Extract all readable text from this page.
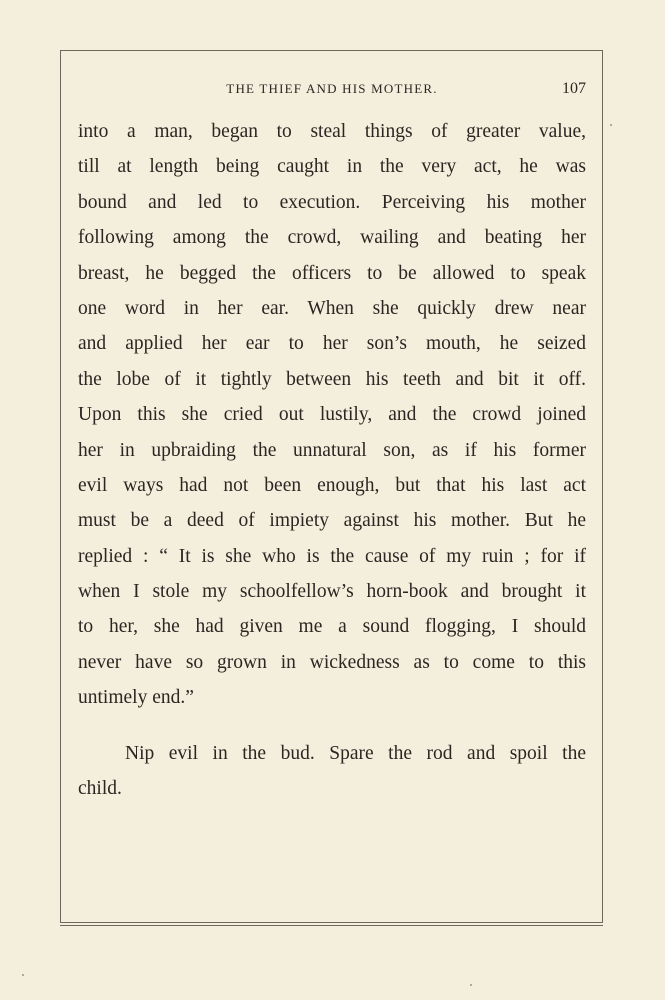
THE THIEF AND HIS MOTHER.	107
into a man, began to steal things of greater value,
till at length being caught in the very act, he was
bound and led to execution. Perceiving his mother
following among the crowd, wailing and beating her
breast, he begged the officers to be allowed to speak
one word in her ear. When she quickly drew near
and applied her ear to her son’s mouth, he seized
the lobe of it tightly between his teeth and bit it off.
Upon this she cried out lustily, and the crowd joined
her in upbraiding the unnatural son, as if his former
evil ways had not been enough, but that his last act
must be a deed of impiety against his mother. But he
replied : “ It is she who is the cause of my ruin ; for if
when I stole my schoolfellow’s horn-book and brought it
to her, she had given me a sound flogging, I should
never have so grown in wickedness as to come to this
untimely end.”
Nip evil in the bud. Spare the rod and spoil the
child.
